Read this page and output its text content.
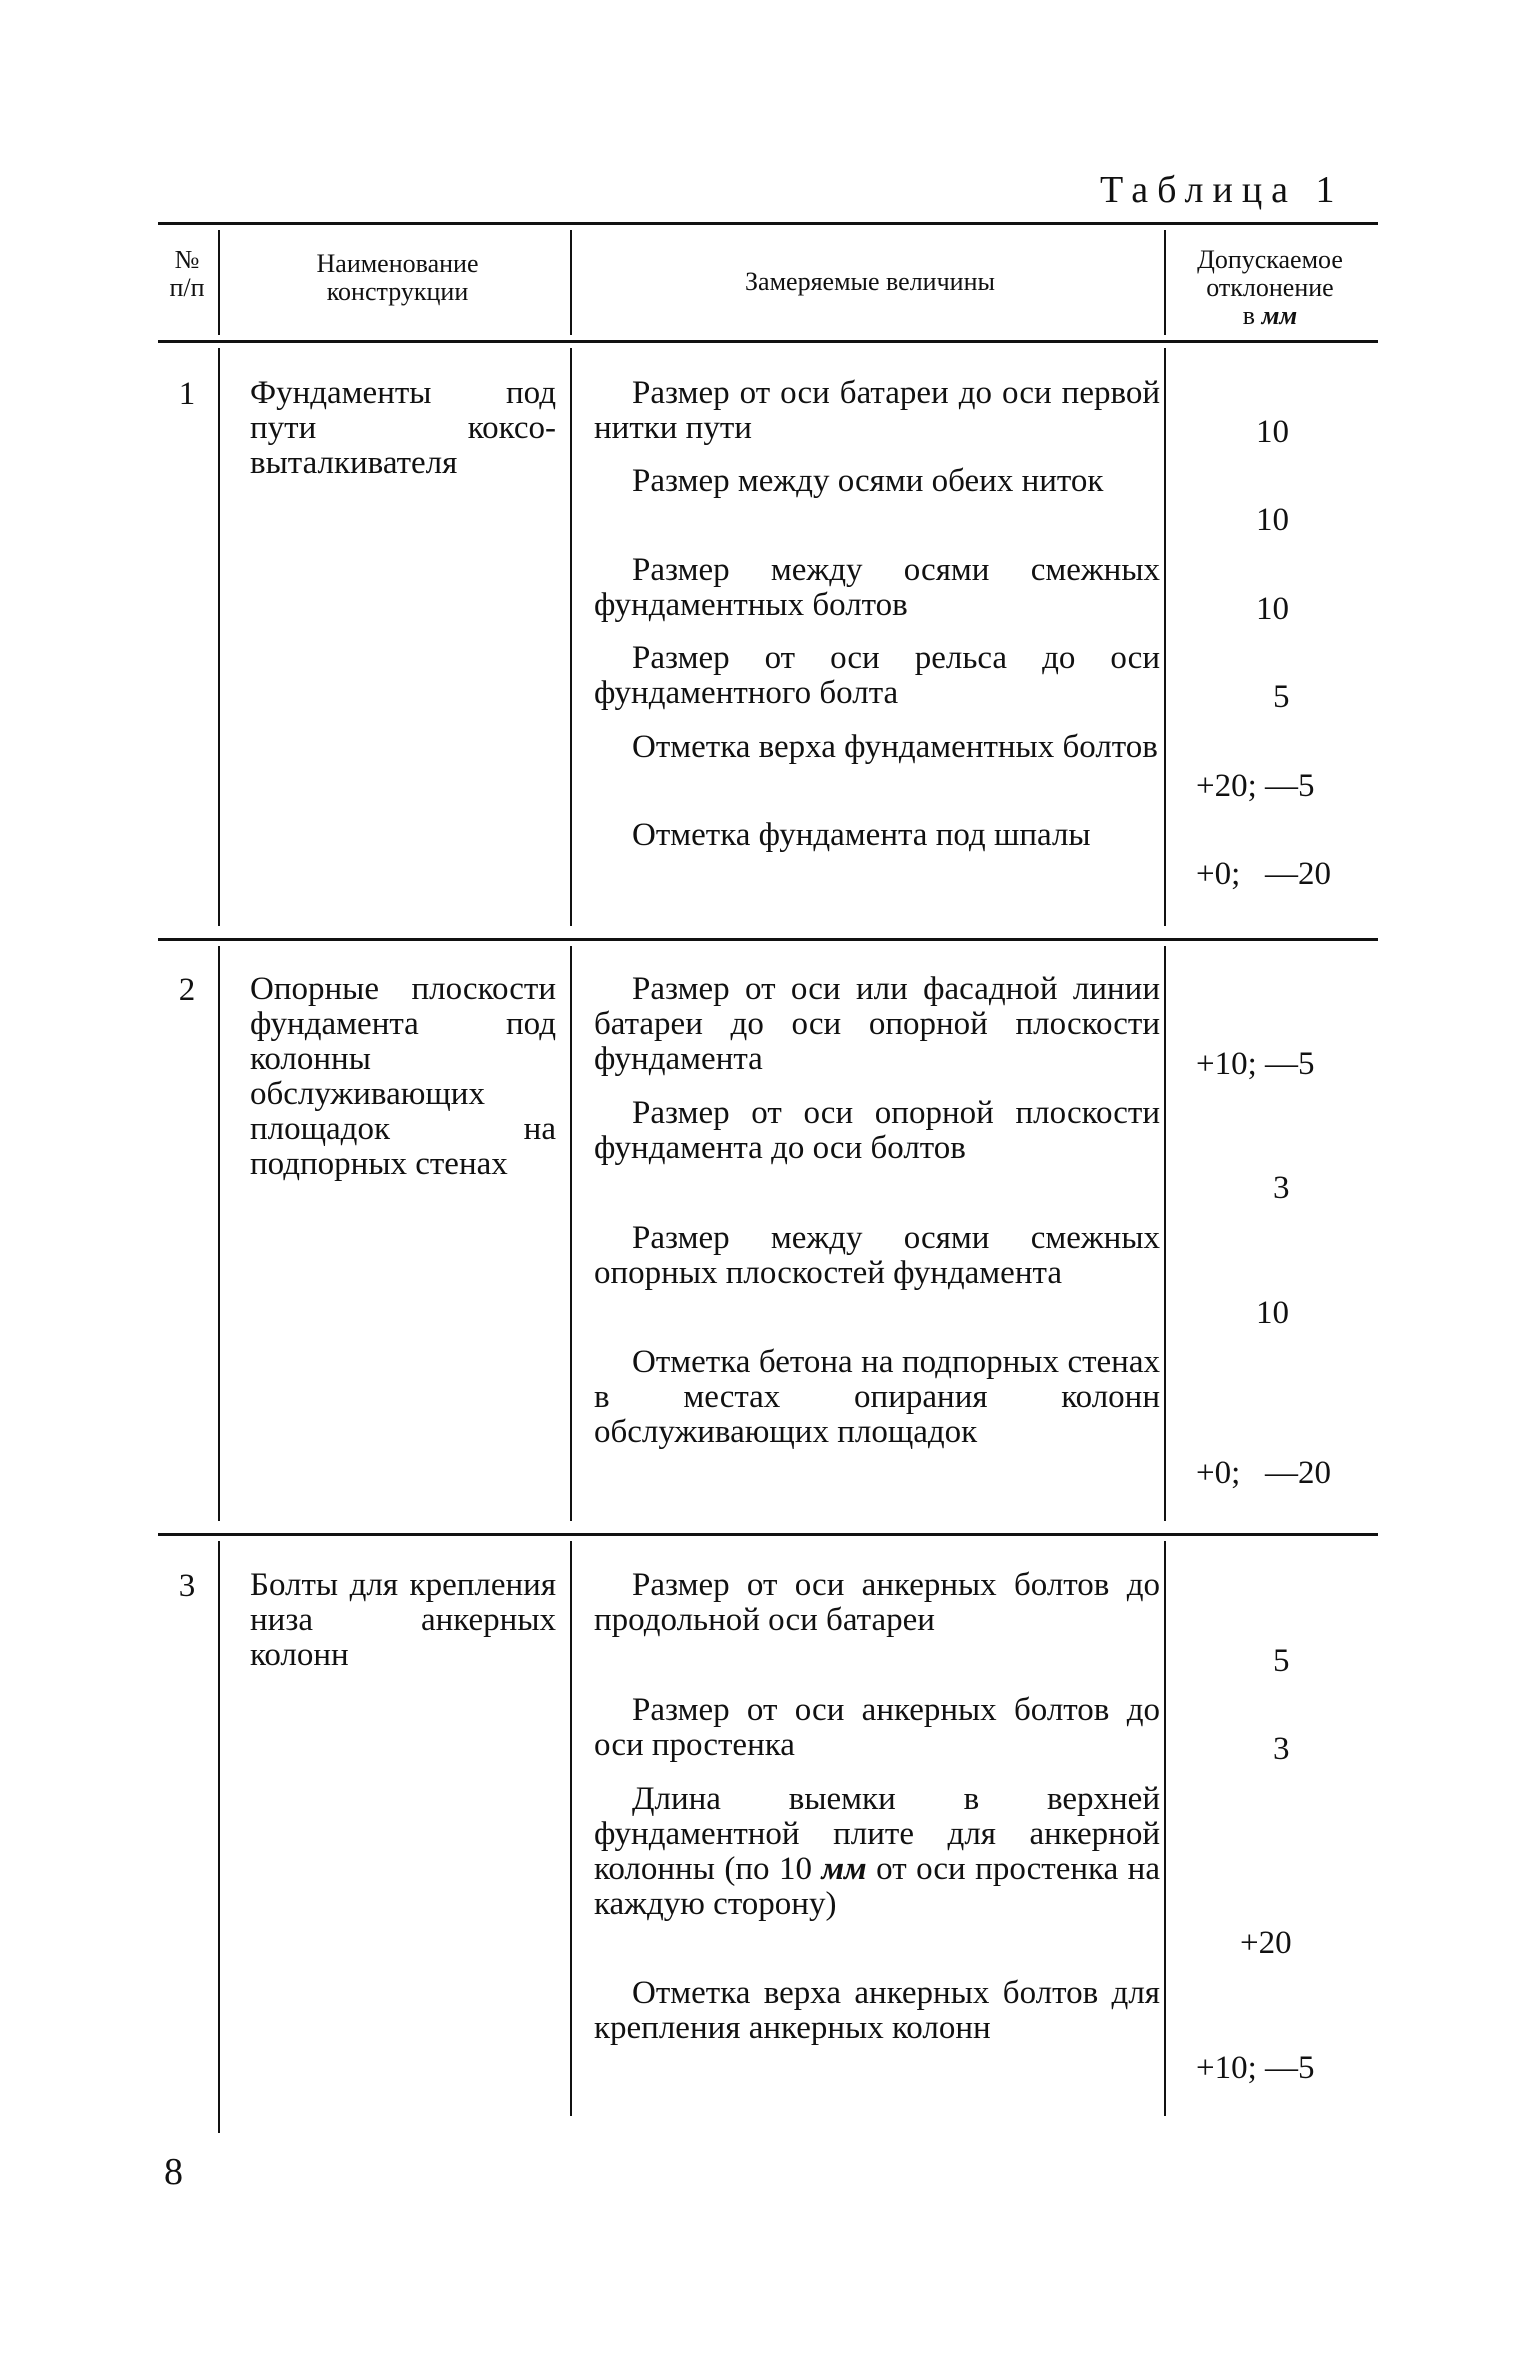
Таблица 1
№
п/п
Наименование
конструкции	Замеряемые величины
Допускаемое
отклонение
в мм
1 Фундаменты под пути коксо-выталкивателя
Размер от оси батареи до оси первой нитки пути
Размер между осями обеих ниток
Размер между осями смежных фундаментных болтов
Размер от оси рельса до оси фундаментного болта
Отметка верха фундаментных болтов
Отметка фундамента под шпалы
10
10
10
5
+20; —5
+0;   —20
2 Опорные плоскости фундамента под колонны обслуживающих площадок на подпорных стенах
Размер от оси или фасадной линии батареи до оси опорной плоскости фундамента
Размер от оси опорной плоскости фундамента до оси болтов
Размер между осями смежных опорных плоскостей фундамента
Отметка бетона на подпорных стенах в местах опирания колонн обслуживающих площадок
+10; —5
3
10
+0;   —20
3 Болты для крепления низа анкерных колонн
Размер от оси анкерных болтов до продольной оси батареи
Размер от оси анкерных болтов до оси простенка
Длина выемки в верхней фундаментной плите для анкерной колонны (по 10 мм от оси простенка на каждую сторону)
Отметка верха анкерных болтов для крепления анкерных колонн
5
3
+20
+10; —5
8
